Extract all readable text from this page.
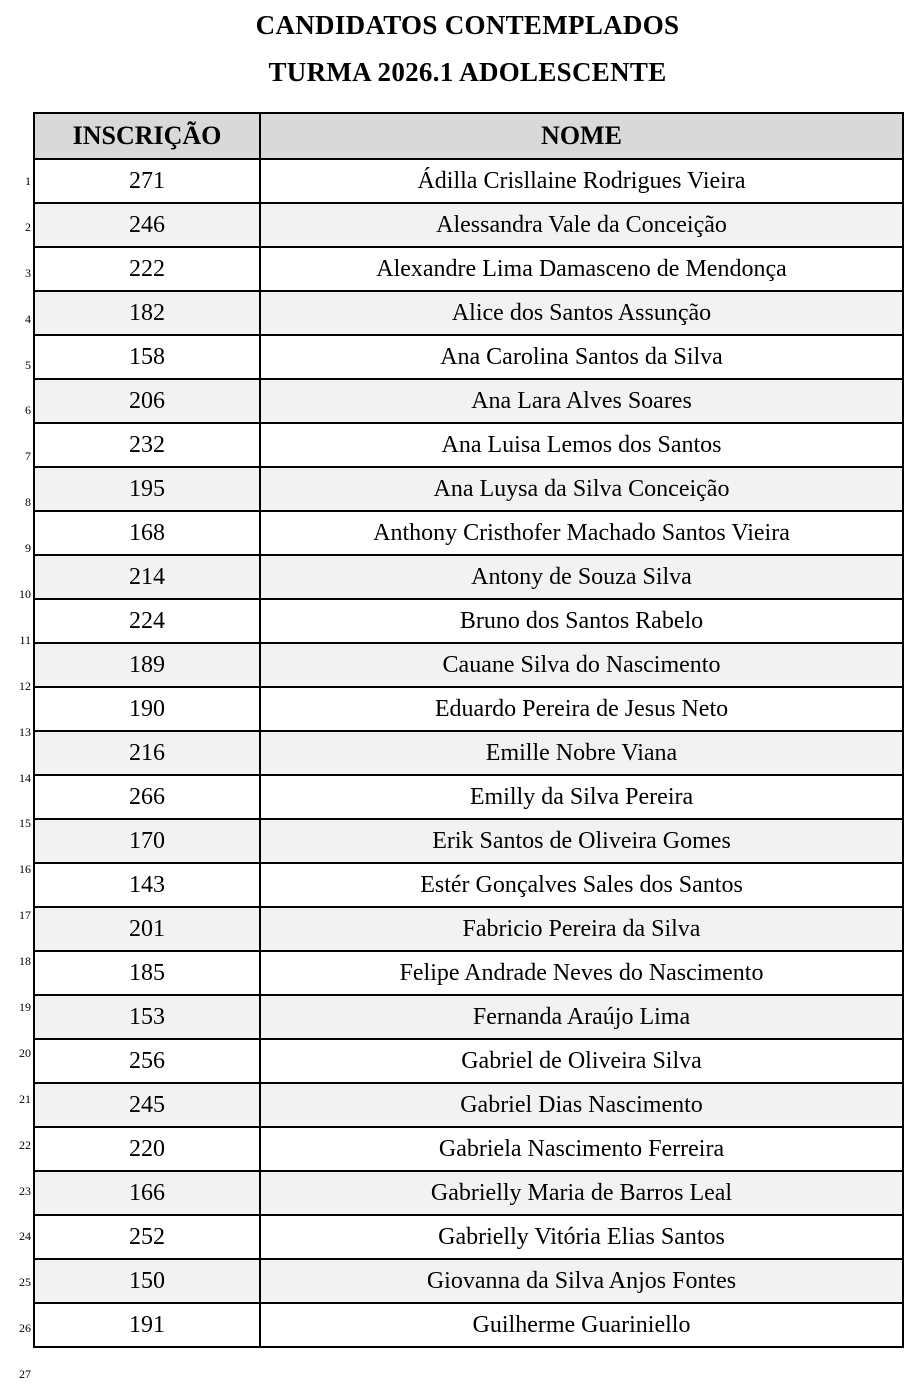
CANDIDATOS CONTEMPLADOS
TURMA 2026.1 ADOLESCENTE
1
2
3
4
5
6
7
8
9
10
11
12
13
14
15
16
17
18
19
20
21
22
23
24
25
26
27
INSCRIÇÃO	NOME
271	Ádilla Crisllaine Rodrigues Vieira
246	Alessandra Vale da Conceição
222	Alexandre Lima Damasceno de Mendonça
182	Alice dos Santos Assunção
158	Ana Carolina Santos da Silva
206	Ana Lara Alves Soares
232	Ana Luisa Lemos dos Santos
195	Ana Luysa da Silva Conceição
168	Anthony Cristhofer Machado Santos Vieira
214	Antony de Souza Silva
224	Bruno dos Santos Rabelo
189	Cauane Silva do Nascimento
190	Eduardo Pereira de Jesus Neto
216	Emille Nobre Viana
266	Emilly da Silva Pereira
170	Erik Santos de Oliveira Gomes
143	Estér Gonçalves Sales dos Santos
201	Fabricio Pereira da Silva
185	Felipe Andrade Neves do Nascimento
153	Fernanda Araújo Lima
256	Gabriel de Oliveira Silva
245	Gabriel Dias Nascimento
220	Gabriela Nascimento Ferreira
166	Gabrielly Maria de Barros Leal
252	Gabrielly Vitória Elias Santos
150	Giovanna da Silva Anjos Fontes
191	Guilherme Guariniello
